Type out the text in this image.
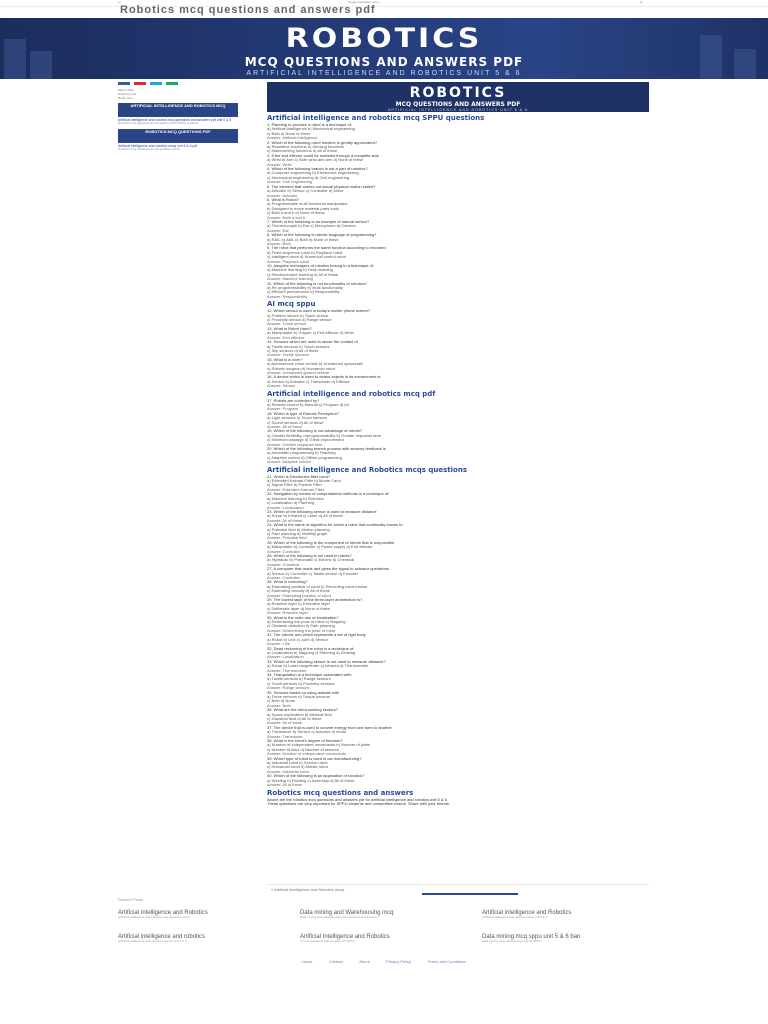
•••	Toggle navigation menu	Q
Robotics mcq questions and answers pdf
ROBOTICS
MCQ QUESTIONS AND ANSWERS PDF
ARTIFICIAL INTELLIGENCE AND ROBOTICS UNIT 5 & 6
March 2021
Robotics mcq
Read more
ARTIFICIAL INTELLIGENCE AND ROBOTICS MCQ
Artificial intelligence and robotics mcq questions and answers pdf unit 5 & 6
Robotics mcq questions and answers pdf for SPPU students
ROBOTICS MCQ QUESTIONS PDF
Artificial intelligence and robotics mcqs unit 5 & 6 pdf
Robotics mcq questions for competitive exams
ROBOTICS
MCQ QUESTIONS AND ANSWERS PDF
ARTIFICIAL INTELLIGENCE AND ROBOTICS UNIT 5 & 6
Artificial intelligence and robotics mcq SPPU questions
1. Planning to produce a robot is a technique of:
a) Artificial Intelligence b) Mechanical engineering
c) Both d) None of these
Answer: Artificial intelligence
2. Which of the following robot function is greatly appreciated?
a) Repetitive functions b) Sensing functions
c) Maneuvering functions d) All of these
3. If the end effector could be swiveled through a complete axis
a) Wrist b) Arm c) Both wrist and arm d) None of these
Answer: Wrist
4. Which of the following branch is not a part of robotics?
a) Computer engineering b) Electronics engineering
c) Mechanical engineering d) Civil engineering
Answer: Civil engineering
5. The element that carries out actual physical motion called?
a) Actuator b) Sensor c) Controller d) Motor
Answer: Actuator
6. What is Robot?
a) Programmable multi functional manipulator
b) Designed to move material parts tools
c) Both a and b d) None of these
Answer: Both a and b
7. Which of the following is an example of natural sensor?
a) Thermocouple b) Ear c) Microphone d) Camera
Answer: Ear
8. Which of the following is robotic language of programming?
a) RAIL b) AML c) Both d) None of these
Answer: Both
9. The robot that performs the same function according to recorded
a) Fixed sequence robot b) Playback robot
c) Intelligent robot d) Numerical control robot
Answer: Playback robot
10. Adaptive techniques of robotics belong to a technique of:
a) Machine learning b) Deep learning
c) Reinforcement learning d) All of these
Answer: Machine learning
11. Which of the following is not functionality of robotics?
a) Re programmability b) Multi functionality
c) Efficient performance d) Responsibility
Answer: Responsibility
AI mcq sppu
12. Which sensor is used in today's mobile phone screen?
a) Position sensor b) Touch sensor
c) Proximity sensor d) Range sensor
Answer: Touch sensor
13. What is Robot Hand?
a) Manipulator b) Gripper c) End effector d) Wrist
Answer: End effector
14. Sensors which are used to sense the contact of
a) Tactile sensors b) Touch sensors
c) Slip sensors d) All of these
Answer: Tactile sensors
15. What is a rover?
a) Autonomous robot vehicle b) Unmanned spacecraft
c) Robotic surgeon d) Humanoid robot
Answer: Unmanned ground vehicle
16. A device which is used to detect objects in its environment is
a) Sensor b) Actuator c) Transducer d) Effector
Answer: Sensor
Artificial intelligence and robotics mcq pdf
17. Robots are controlled by?
a) Remote control b) Manual c) Program d) All
Answer: Program
18. Which is type of Robotic Perception?
a) Light sensors b) Touch sensors
c) Sound sensors d) All of these
Answer: All of these
19. Which of the following is not advantage of robots?
a) Greater flexibility, reprogrammability b) Greater response time
c) Minimum wastage d) Great improvement
Answer: Greater response time
20. Which of the following branch process with sensory feedback is
a) Automatic programming b) Teaching
c) Adaptive control d) Offline programming
Answer: Adaptive control
Artificial intelligence and Robotics mcqs questions
21. Which is Electronics filter used?
a) Extended Kalman Filter b) Monte Carlo
c) Sigma Filter d) Particle Filter
Answer: Extended Kalman Filter
22. Navigation by means of computational methods is a technique of:
a) Machine learning b) Robotics
c) Localization d) Planning
Answer: Localization
23. Which of the following sensor is used to measure distance
a) Sonar b) Infrared c) Laser d) All of these
Answer: All of these
24. What is the name of algorithm for which a robot that continually moves to
a) Potential field b) Motion planning
c) Path planning d) Visibility graph
Answer: Potential field
25. Which of the following is the component of robots that is responsible
a) Manipulator b) Controller c) Power supply d) End effector
Answer: Controller
26. Which of the following is not used in robots?
a) Hydraulic b) Pneumatic c) Electric d) Chemical
Answer: Chemical
27. A computer that reads and gives the signal to actuator operations
a) Sensor b) Controller c) Tactile sensor d) Encoder
Answer: Controller
28. What is reckoning?
a) Estimating position of robot b) Recording robot motion
c) Estimating velocity d) All of these
Answer: Estimating position of robot
29. The lowest layer of the three-layer architecture is?
a) Reactive layer b) Executive layer
c) Deliberate layer d) None of these
Answer: Reactive layer
30. What is the main use of localization?
a) Determining the pose of robot b) Mapping
c) Obstacle detection d) Path planning
Answer: Determining the pose of robot
31. The robotic arm which represents a set of rigid body
a) Robot b) Link c) Joint d) Sensor
Answer: Link
32. Dead reckoning of the robot is a technique of:
a) Localization b) Mapping c) Planning d) Sensing
Answer: Localization
33. Which of the following sensor is not used to measure distance?
a) Sonar b) Laser rangefinder c) Infrared d) Thermometer
Answer: Thermometer
34. Triangulation is a technique associated with:
a) Tactile sensors b) Range sensors
c) Touch sensors d) Proximity sensors
Answer: Range sensors
35. Sensors based on using actuate with
a) Force sensors b) Torque sensors
c) Both d) None
Answer: Both
36. What are the robot working sectors?
a) Space exploration b) Medical field
c) Industrial field d) All of these
Answer: All of these
37. The device that is used to convert energy from one form to another
a) Transducer b) Sensor c) Actuator d) Motor
Answer: Transducer
38. What is the robot's degree of freedom?
a) Number of independent movements b) Number of joints
c) Number of links d) Number of sensors
Answer: Number of independent movements
39. Which type of robot is used in car manufacturing?
a) Industrial robot b) Service robot
c) Humanoid robot d) Mobile robot
Answer: Industrial robot
40. Which of the following is an application of robotics?
a) Welding b) Painting c) Assembly d) All of these
Answer: All of these
Robotics mcq questions and answers
Above are the robotics mcq questions and answers pdf for artificial intelligence and robotics unit 5 & 6.
These questions are very important for SPPU students and competitive exams. Share with your friends.
« Artificial intelligence and Robotics mcqs
Related Posts
Artificial Intelligence and Robotics
Artificial intelligence and robotics mcq questions unit 5
Data mining and Warehousing mcq
Data mining and warehousing mcq questions and answers
Artificial intelligence and Robotics
Artificial intelligence and robotics mcqs unit 3 & 4
Artificial intelligence and robotics
Artificial intelligence and robotics mcq pdf unit 1 & 2
Artificial Intelligence and Robotics
AI mcq questions with answers for SPPU
Data mining mcq sppu unit 5 & 6 ban
Data mining and warehousing mcq for SPPU
Home	Contact	About	Privacy Policy	Terms and Conditions
